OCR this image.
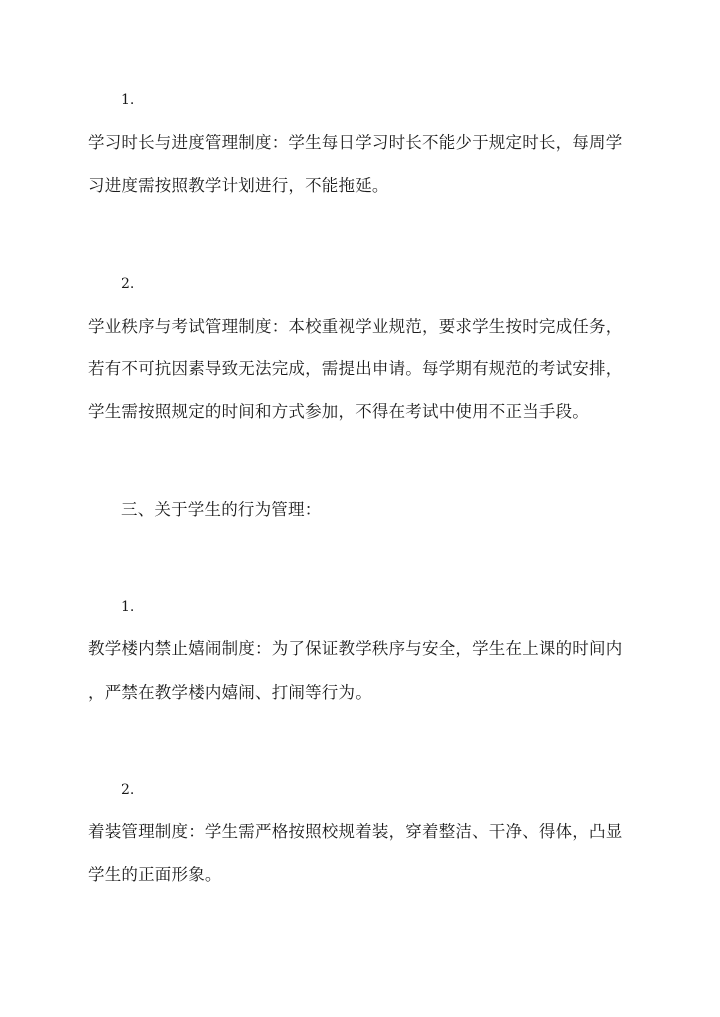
1.
学习时长与进度管理制度：学生每日学习时长不能少于规定时长，每周学
习进度需按照教学计划进行，不能拖延。
2.
学业秩序与考试管理制度：本校重视学业规范，要求学生按时完成任务，
若有不可抗因素导致无法完成，需提出申请。每学期有规范的考试安排，
学生需按照规定的时间和方式参加，不得在考试中使用不正当手段。
三、关于学生的行为管理：
1.
教学楼内禁止嬉闹制度：为了保证教学秩序与安全，学生在上课的时间内
，严禁在教学楼内嬉闹、打闹等行为。
2.
着装管理制度：学生需严格按照校规着装，穿着整洁、干净、得体，凸显
学生的正面形象。
